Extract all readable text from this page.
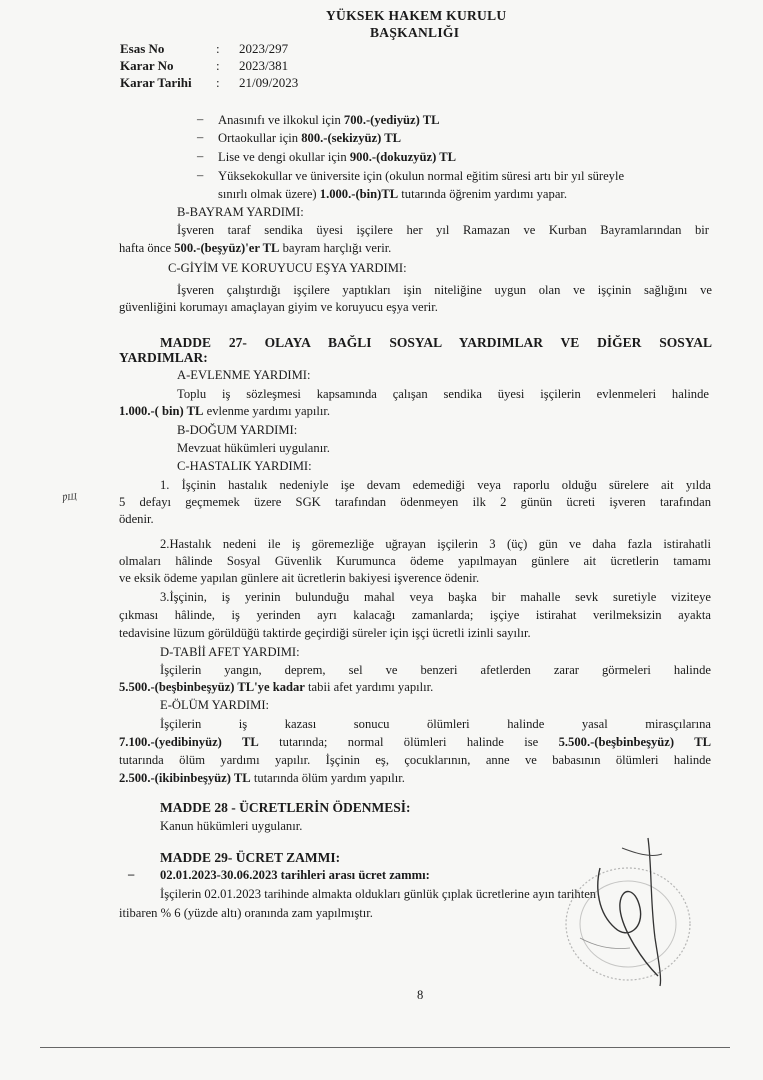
YÜKSEK HAKEM KURULU
BAŞKANLIĞI
Esas No	: 2023/297
Karar No	: 2023/381
Karar Tarihi : 21/09/2023
– Anasınıfı ve ilkokul için 700.-(yediyüz) TL
– Ortaokullar için 800.-(sekizyüz) TL
– Lise ve dengi okullar için 900.-(dokuzyüz) TL
– Yüksekokullar ve üniversite için (okulun normal eğitim süresi artı bir yıl süreyle
sınırlı olmak üzere) 1.000.-(bin)TL tutarında öğrenim yardımı yapar.
B-BAYRAM YARDIMI:
İşveren taraf sendika üyesi işçilere her yıl Ramazan ve Kurban Bayramlarından bir
hafta önce 500.-(beşyüz)'er TL bayram harçlığı verir.
C-GİYİM VE KORUYUCU EŞYA YARDIMI:
İşveren çalıştırdığı işçilere yaptıkları işin niteliğine uygun olan ve işçinin sağlığını ve
güvenliğini korumayı amaçlayan giyim ve koruyucu eşya verir.
MADDE 27- OLAYA BAĞLI SOSYAL YARDIMLAR VE DİĞER SOSYAL
YARDIMLAR:
A-EVLENME YARDIMI:
Toplu iş sözleşmesi kapsamında çalışan sendika üyesi işçilerin evlenmeleri halinde
1.000.-( bin) TL evlenme yardımı yapılır.
B-DOĞUM YARDIMI:
Mevzuat hükümleri uygulanır.
C-HASTALIK YARDIMI:
1. İşçinin hastalık nedeniyle işe devam edemediği veya raporlu olduğu sürelere ait yılda
5 defayı geçmemek üzere SGK tarafından ödenmeyen ilk 2 günün ücreti işveren tarafından
ödenir.
2.Hastalık nedeni ile iş göremezliğe uğrayan işçilerin 3 (üç) gün ve daha fazla istirahatli
olmaları hâlinde Sosyal Güvenlik Kurumunca ödeme yapılmayan günlere ait ücretlerin tamamı
ve eksik ödeme yapılan günlere ait ücretlerin bakiyesi işverence ödenir.
3.İşçinin, iş yerinin bulunduğu mahal veya başka bir mahalle sevk suretiyle viziteye
çıkması hâlinde, iş yerinden ayrı kalacağı zamanlarda; işçiye istirahat verilmeksizin ayakta
tedavisine lüzum görüldüğü taktirde geçirdiği süreler için işçi ücretli izinli sayılır.
D-TABİİ AFET YARDIMI:
İşçilerin yangın, deprem, sel ve benzeri afetlerden zarar görmeleri halinde
5.500.-(beşbinbeşyüz) TL'ye kadar tabii afet yardımı yapılır.
E-ÖLÜM YARDIMI:
İşçilerin iş kazası sonucu ölümleri halinde yasal mirasçılarına
7.100.-(yedibinyüz) TL tutarında; normal ölümleri halinde ise 5.500.-(beşbinbeşyüz) TL
tutarında ölüm yardımı yapılır. İşçinin eş, çocuklarının, anne ve babasının ölümleri halinde
2.500.-(ikibinbeşyüz) TL tutarında ölüm yardım yapılır.
MADDE 28 - ÜCRETLERİN ÖDENMESİ:
Kanun hükümleri uygulanır.
MADDE 29- ÜCRET ZAMMI:
– 02.01.2023-30.06.2023 tarihleri arası ücret zammı:
İşçilerin 02.01.2023 tarihinde almakta oldukları günlük çıplak ücretlerine ayın tarihten
itibaren % 6 (yüzde altı) oranında zam yapılmıştır.
ǷЩ
8
